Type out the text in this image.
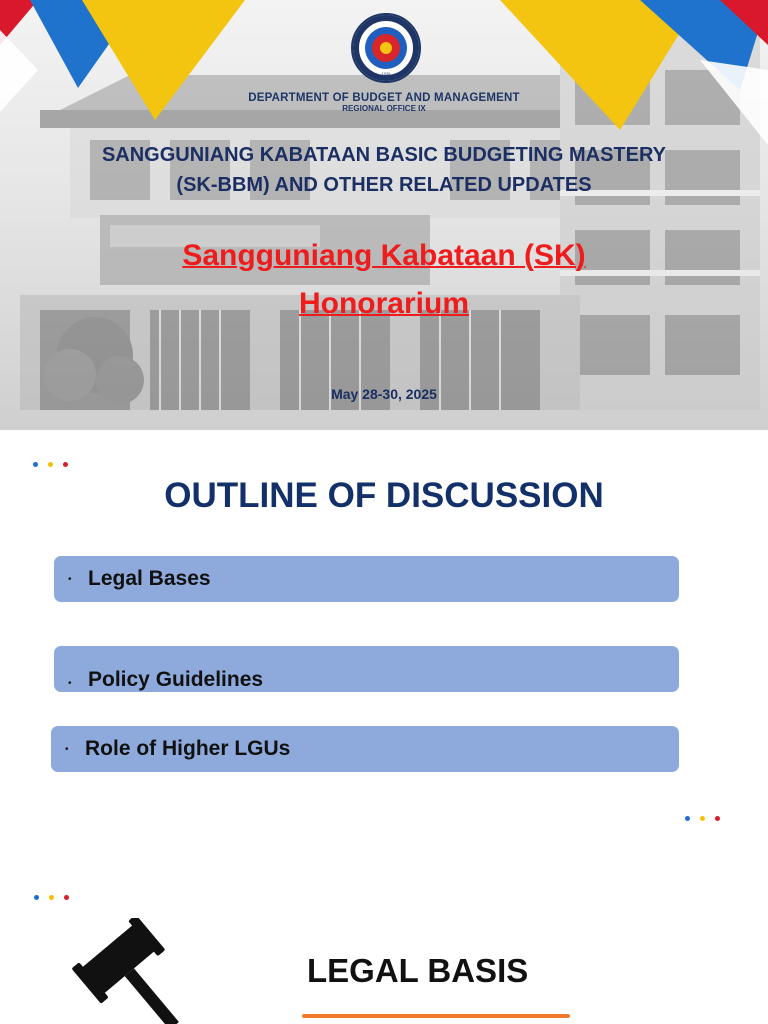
1936
DEPARTMENT OF BUDGET AND MANAGEMENT
REGIONAL OFFICE IX
SANGGUNIANG KABATAAN BASIC BUDGETING MASTERY (SK-BBM) AND OTHER RELATED UPDATES
Sangguniang Kabataan (SK)
Honorarium
May 28-30, 2025
OUTLINE OF DISCUSSION
• Legal Bases
• Policy Guidelines
• Role of Higher LGUs
LEGAL BASIS
